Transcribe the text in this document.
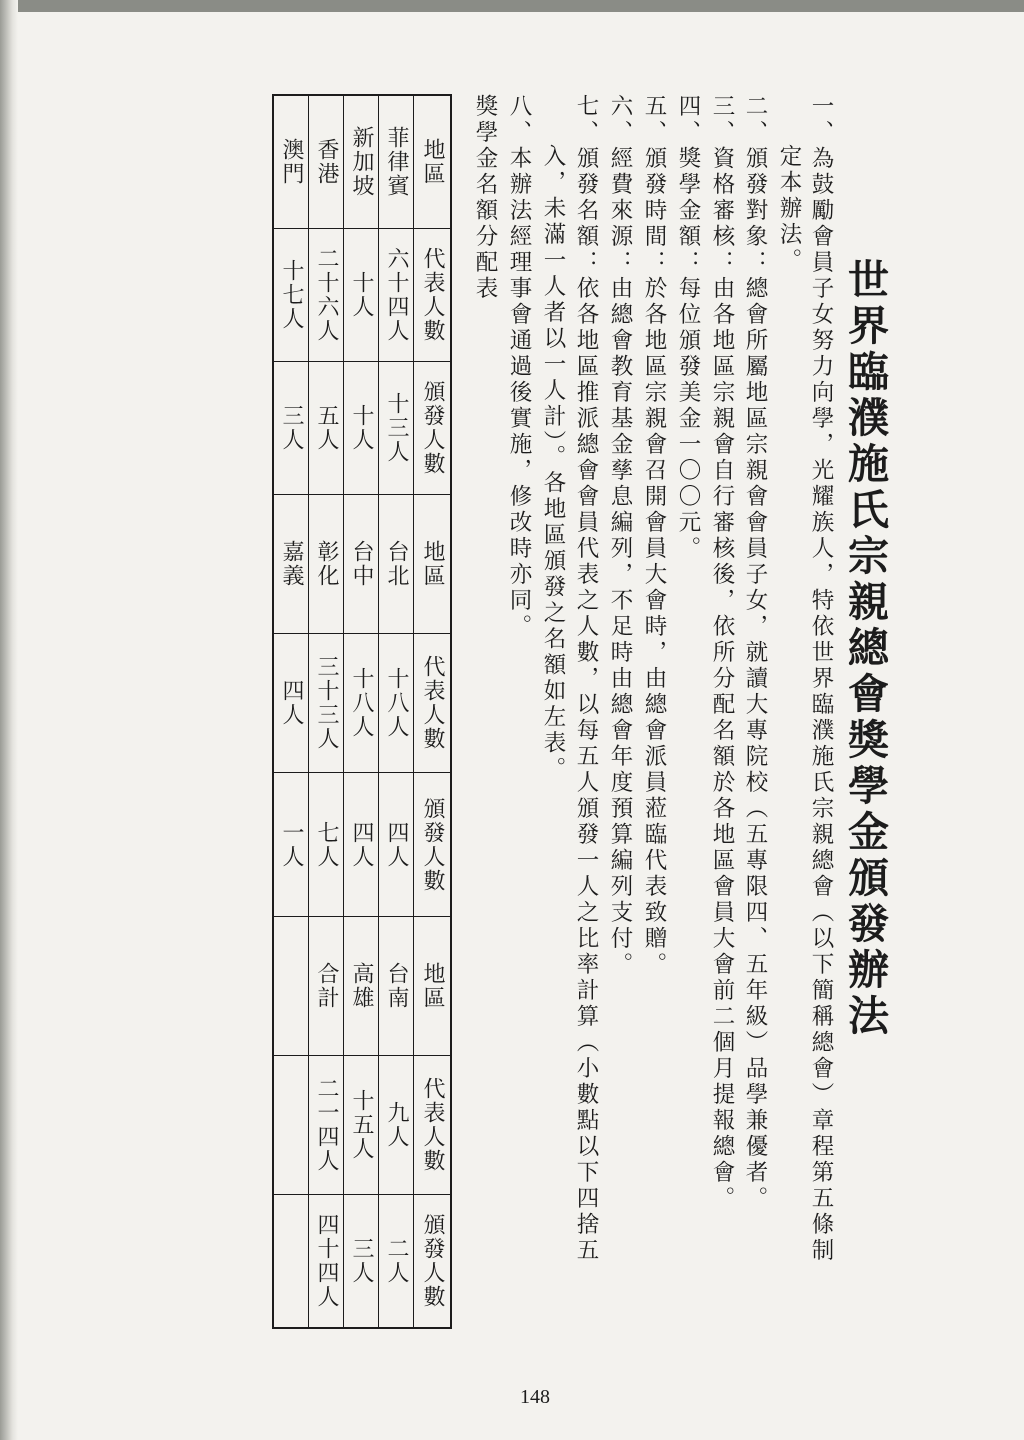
世界臨濮施氏宗親總會獎學金頒發辦法

一、為鼓勵會員子女努力向學，光耀族人，特依世界臨濮施氏宗親總會（以下簡稱總會）章程第五條制

定本辦法。

二、頒發對象：總會所屬地區宗親會會員子女，就讀大專院校（五專限四、五年級）品學兼優者。

三、資格審核：由各地區宗親會自行審核後，依所分配名額於各地區會員大會前二個月提報總會。

四、獎學金額：每位頒發美金一〇〇元。

五、頒發時間：於各地區宗親會召開會員大會時，由總會派員蒞臨代表致贈。

六、經費來源：由總會教育基金孳息編列，不足時由總會年度預算編列支付。

七、頒發名額：依各地區推派總會會員代表之人數，以每五人頒發一人之比率計算（小數點以下四捨五

入，未滿一人者以一人計）。各地區頒發之名額如左表。

八、本辦法經理事會通過後實施，修改時亦同。

獎學金名額分配表

地區	代表人數	頒發人數	地區	代表人數	頒發人數	地區	代表人數	頒發人數
菲律賓	六十四人	十三人	台北	十八人	四人	台南	九人	二人
新加坡	十人	十人	台中	十八人	四人	高雄	十五人	三人
香港	二十六人	五人	彰化	三十三人	七人	合計	二一四人	四十四人
澳門	十七人	三人	嘉義	四人	一人			
148
